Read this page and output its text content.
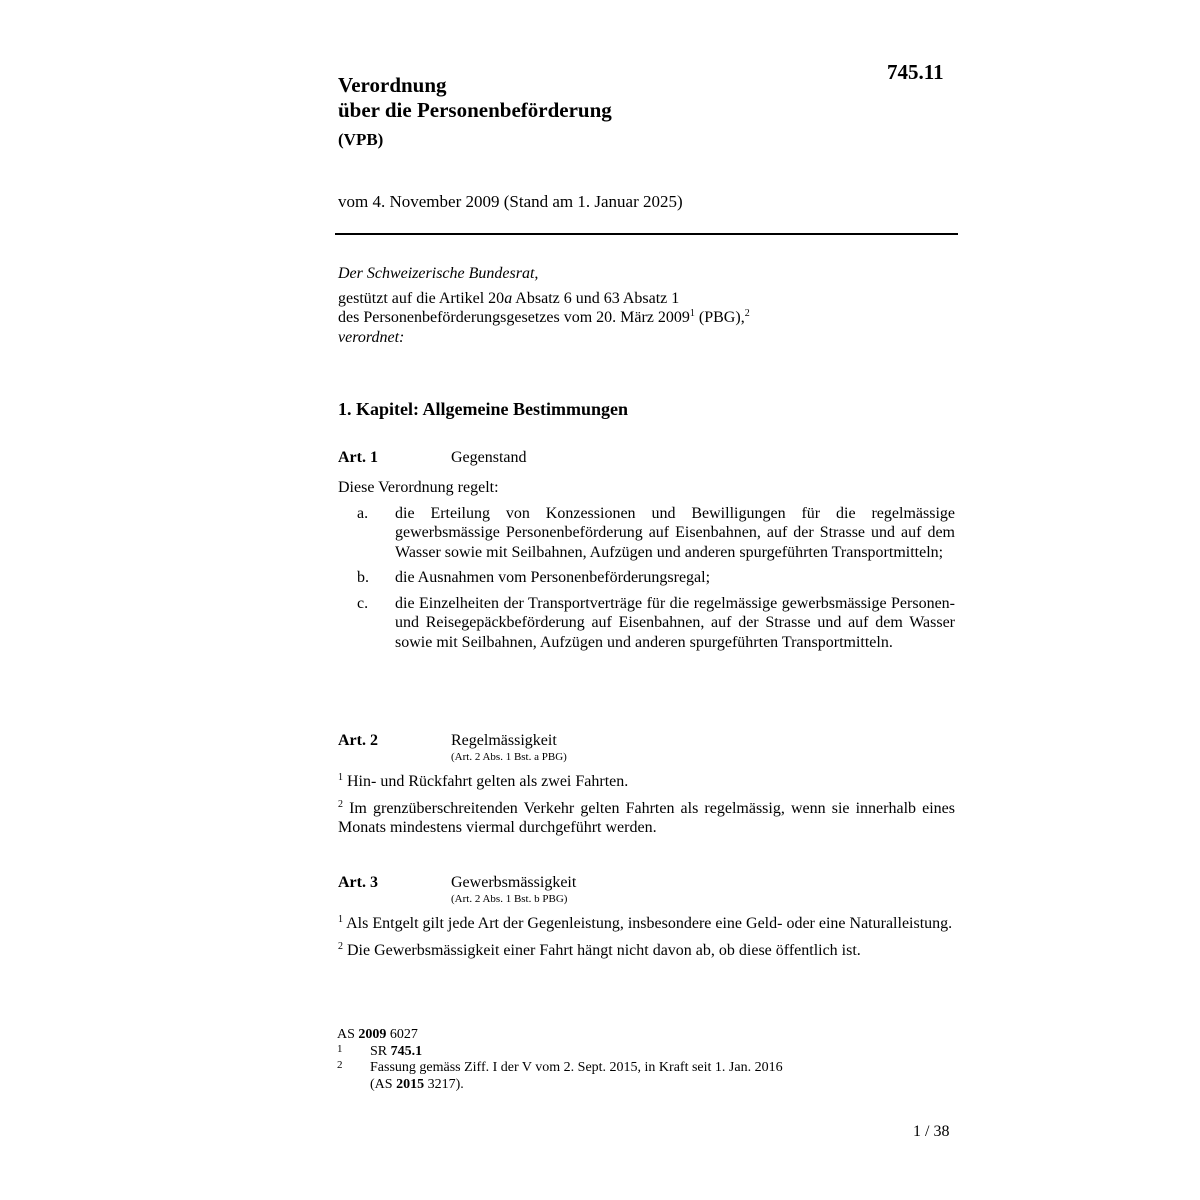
745.11
Verordnung
über die Personenbeförderung
(VPB)
vom 4. November 2009 (Stand am 1. Januar 2025)
Der Schweizerische Bundesrat,
gestützt auf die Artikel 20a Absatz 6 und 63 Absatz 1
des Personenbeförderungsgesetzes vom 20. März 2009$^1$ (PBG),$^2$
verordnet:
1. Kapitel: Allgemeine Bestimmungen
Art. 1	Gegenstand
Diese Verordnung regelt:
a. die Erteilung von Konzessionen und Bewilligungen für die regelmässige gewerbsmässige Personenbeförderung auf Eisenbahnen, auf der Strasse und auf dem Wasser sowie mit Seilbahnen, Aufzügen und anderen spurgeführten Transportmitteln;
b. die Ausnahmen vom Personenbeförderungsregal;
c. die Einzelheiten der Transportverträge für die regelmässige gewerbsmässige Personen- und Reisegepäckbeförderung auf Eisenbahnen, auf der Strasse und auf dem Wasser sowie mit Seilbahnen, Aufzügen und anderen spurgeführten Transportmitteln.
Art. 2	Regelmässigkeit
(Art. 2 Abs. 1 Bst. a PBG)
$^1$ Hin- und Rückfahrt gelten als zwei Fahrten.
$^2$ Im grenzüberschreitenden Verkehr gelten Fahrten als regelmässig, wenn sie innerhalb eines Monats mindestens viermal durchgeführt werden.
Art. 3	Gewerbsmässigkeit
(Art. 2 Abs. 1 Bst. b PBG)
$^1$ Als Entgelt gilt jede Art der Gegenleistung, insbesondere eine Geld- oder eine Naturalleistung.
$^2$ Die Gewerbsmässigkeit einer Fahrt hängt nicht davon ab, ob diese öffentlich ist.
AS 2009 6027
1 SR 745.1
2 Fassung gemäss Ziff. I der V vom 2. Sept. 2015, in Kraft seit 1. Jan. 2016
(AS 2015 3217).
1 / 38
